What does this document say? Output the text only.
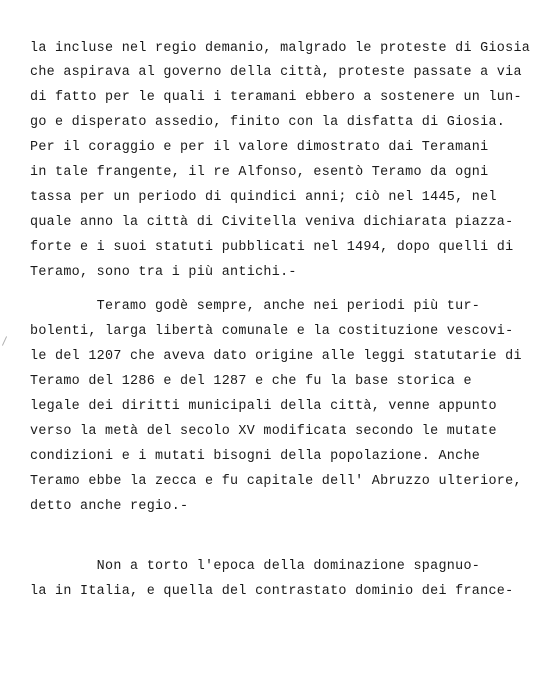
la incluse nel regio demanio, malgrado le proteste di Giosia
che aspirava al governo della città, proteste passate a via
di fatto per le quali i teramani ebbero a sostenere un lun-
go e disperato assedio, finito con la disfatta di Giosia.
Per il coraggio e per il valore dimostrato dai Teramani
in tale frangente, il re Alfonso, esentò Teramo da ogni
tassa per un periodo di quindici anni; ciò nel 1445, nel
quale anno la città di Civitella veniva dichiarata piazza-
forte e i suoi statuti pubblicati nel 1494, dopo quelli di
Teramo, sono tra i più antichi.-
Teramo godè sempre, anche nei periodi più tur-
bolenti, larga libertà comunale e la costituzione vescovi-
le del 1207 che aveva dato origine alle leggi statutarie di
Teramo del 1286 e del 1287 e che fu la base storica e
legale dei diritti municipali della città, venne appunto
verso la metà del secolo XV modificata secondo le mutate
condizioni e i mutati bisogni della popolazione. Anche
Teramo ebbe la zecca e fu capitale dell' Abruzzo ulteriore,
detto anche regio.-
Non a torto l'epoca della dominazione spagnuo-
la in Italia, e quella del contrastato dominio dei france-
